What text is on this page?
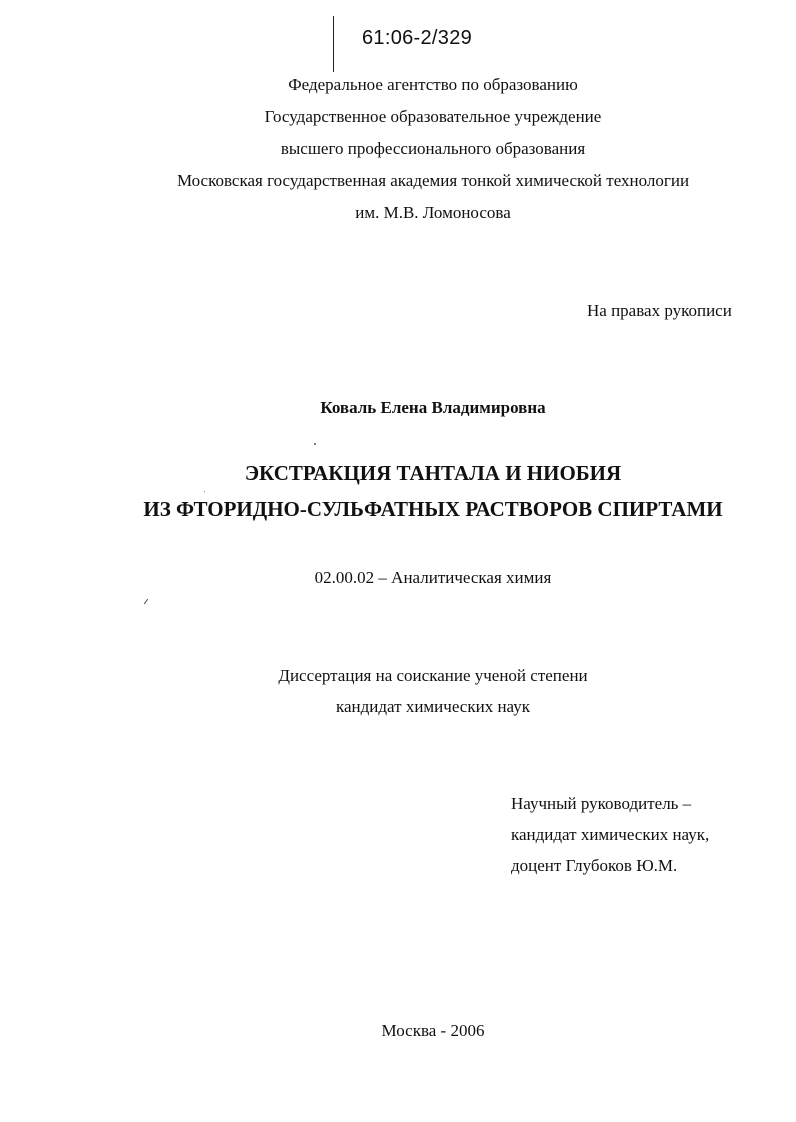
61:06-2/329
Федеральное агентство по образованию
Государственное образовательное учреждение
высшего профессионального образования
Московская государственная академия тонкой химической технологии
им. М.В. Ломоносова
На правах рукописи
Коваль Елена Владимировна
ЭКСТРАКЦИЯ ТАНТАЛА И НИОБИЯ
ИЗ ФТОРИДНО-СУЛЬФАТНЫХ РАСТВОРОВ СПИРТАМИ
02.00.02 – Аналитическая химия
Диссертация на соискание ученой степени
кандидат химических наук
Научный руководитель –
кандидат химических наук,
доцент Глубоков Ю.М.
Москва - 2006
